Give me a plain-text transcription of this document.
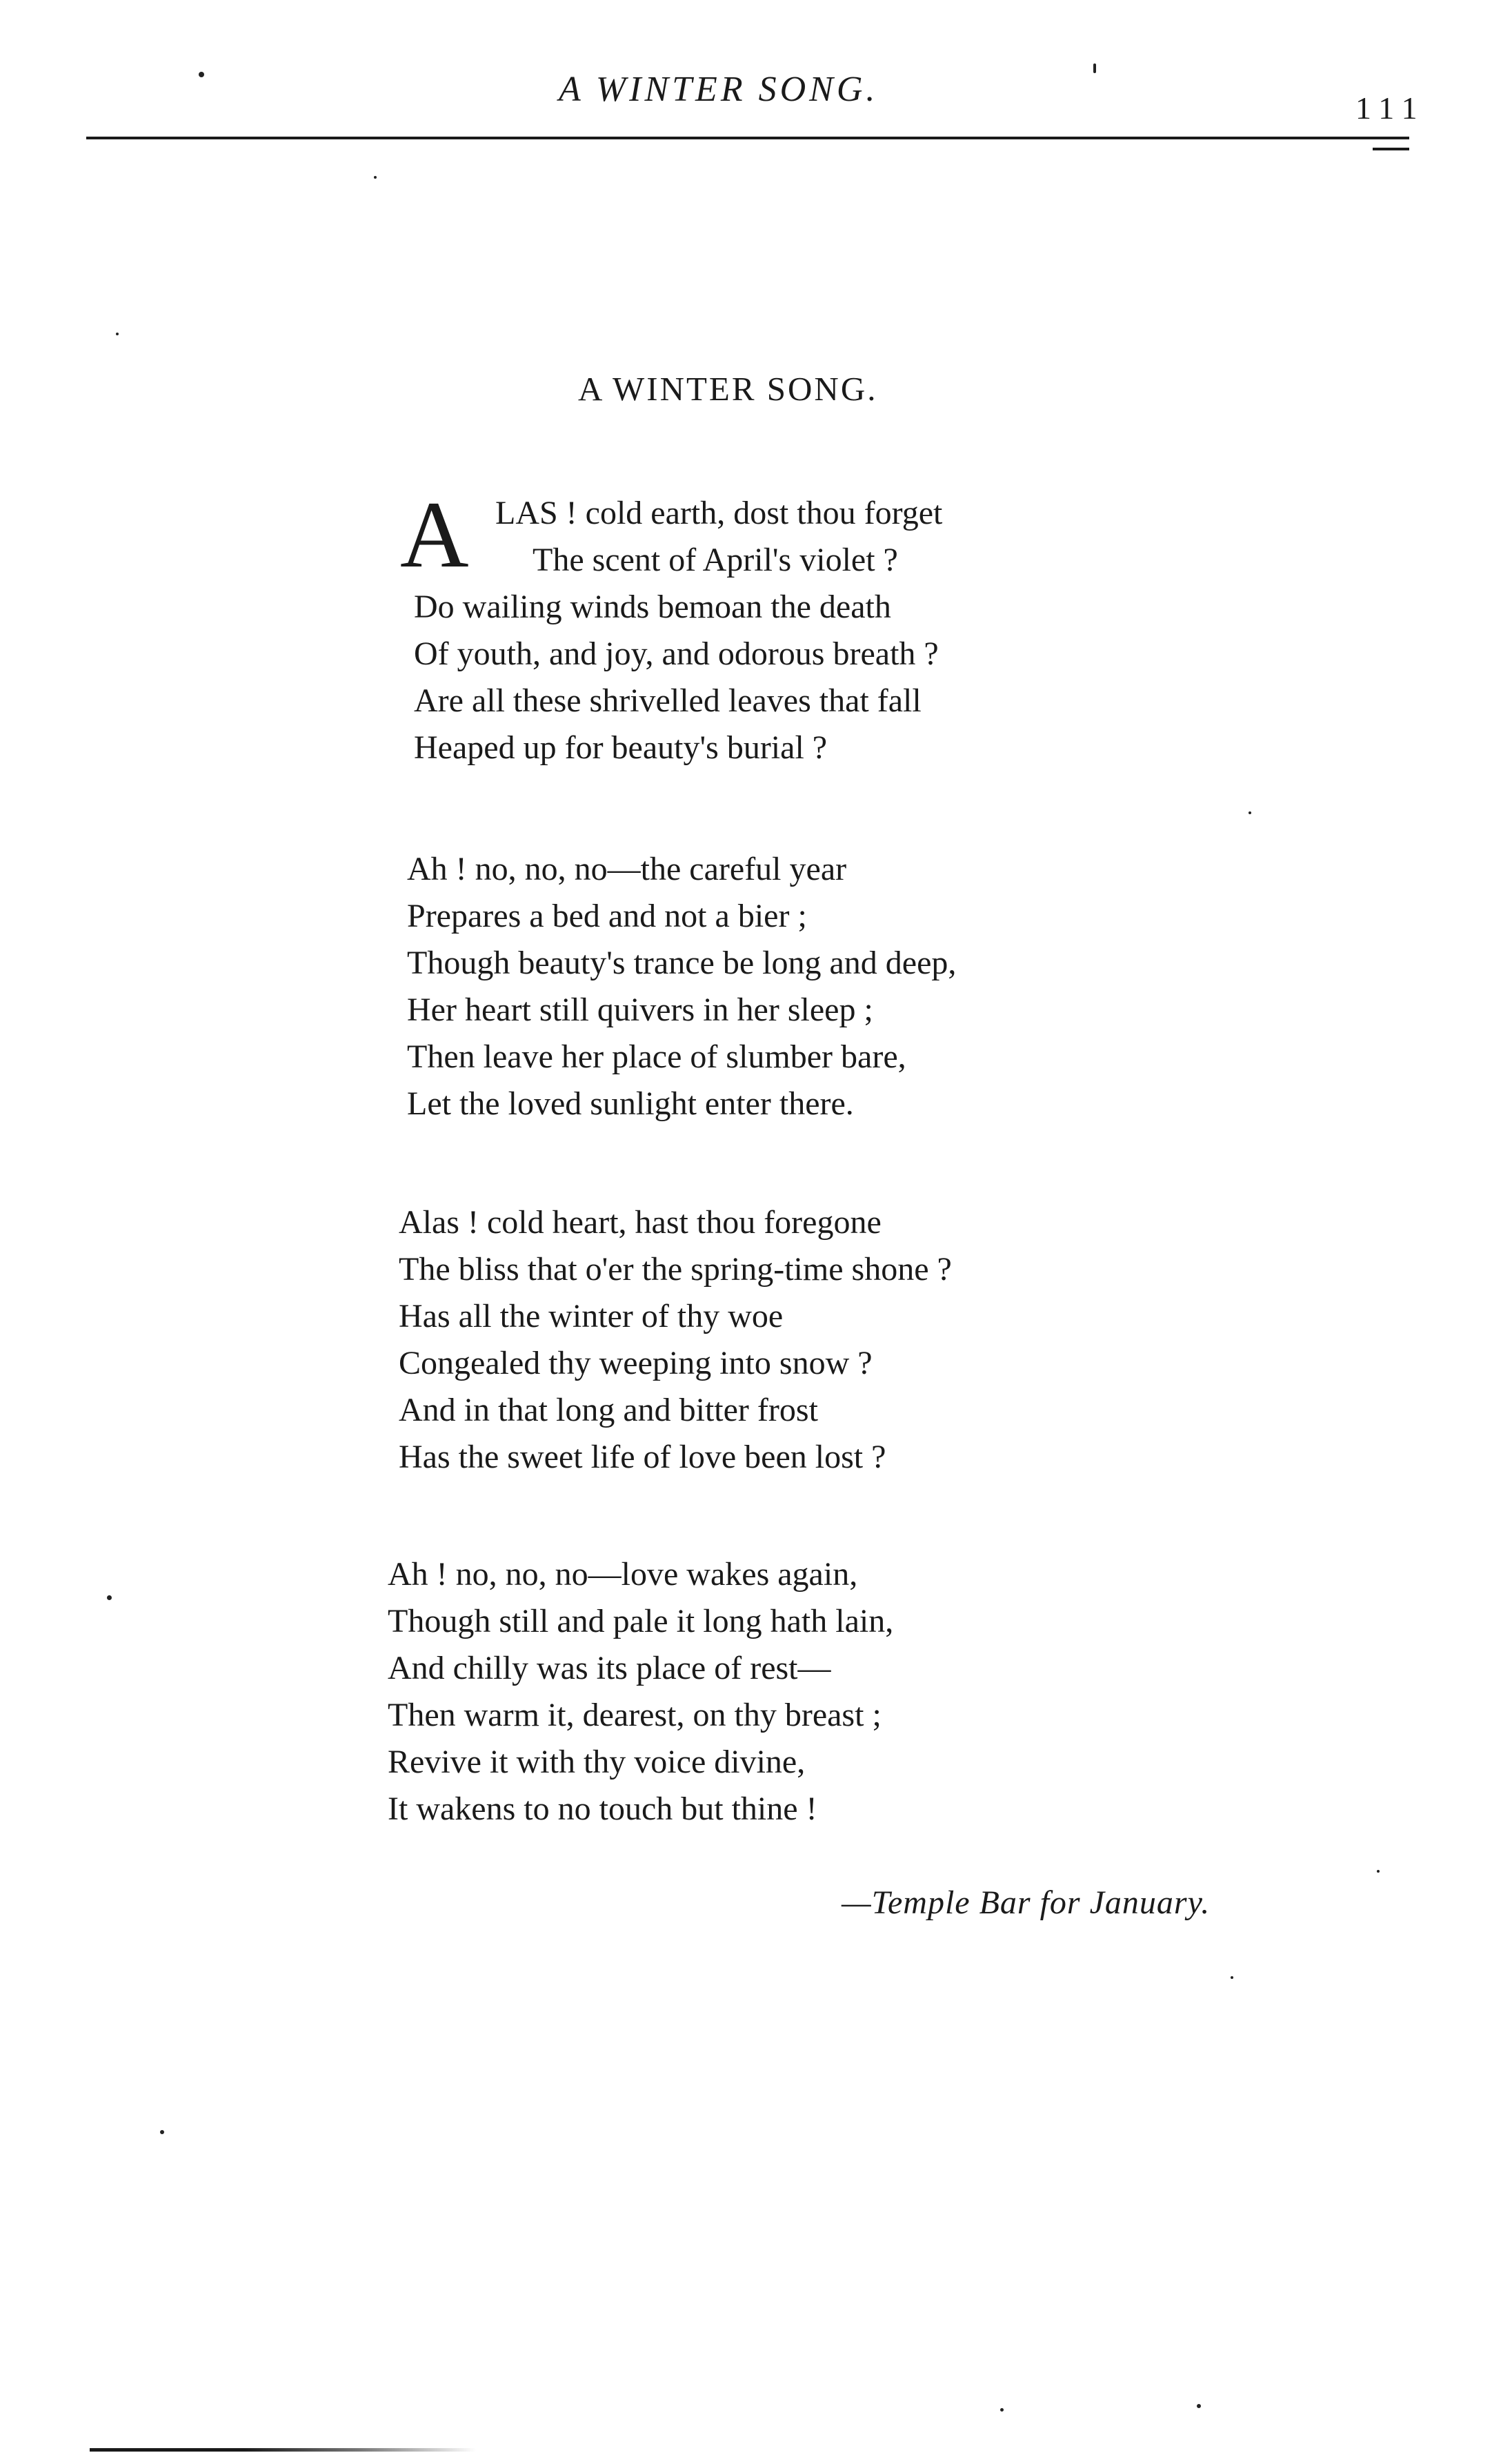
A WINTER SONG.	111
A WINTER SONG.
A LAS ! cold earth, dost thou forget
The scent of April's violet ?
Do wailing winds bemoan the death
Of youth, and joy, and odorous breath ?
Are all these shrivelled leaves that fall
Heaped up for beauty's burial ?
Ah ! no, no, no—the careful year
Prepares a bed and not a bier ;
Though beauty's trance be long and deep,
Her heart still quivers in her sleep ;
Then leave her place of slumber bare,
Let the loved sunlight enter there.
Alas ! cold heart, hast thou foregone
The bliss that o'er the spring-time shone ?
Has all the winter of thy woe
Congealed thy weeping into snow ?
And in that long and bitter frost
Has the sweet life of love been lost ?
Ah ! no, no, no—love wakes again,
Though still and pale it long hath lain,
And chilly was its place of rest—
Then warm it, dearest, on thy breast ;
Revive it with thy voice divine,
It wakens to no touch but thine !
—Temple Bar for January.
